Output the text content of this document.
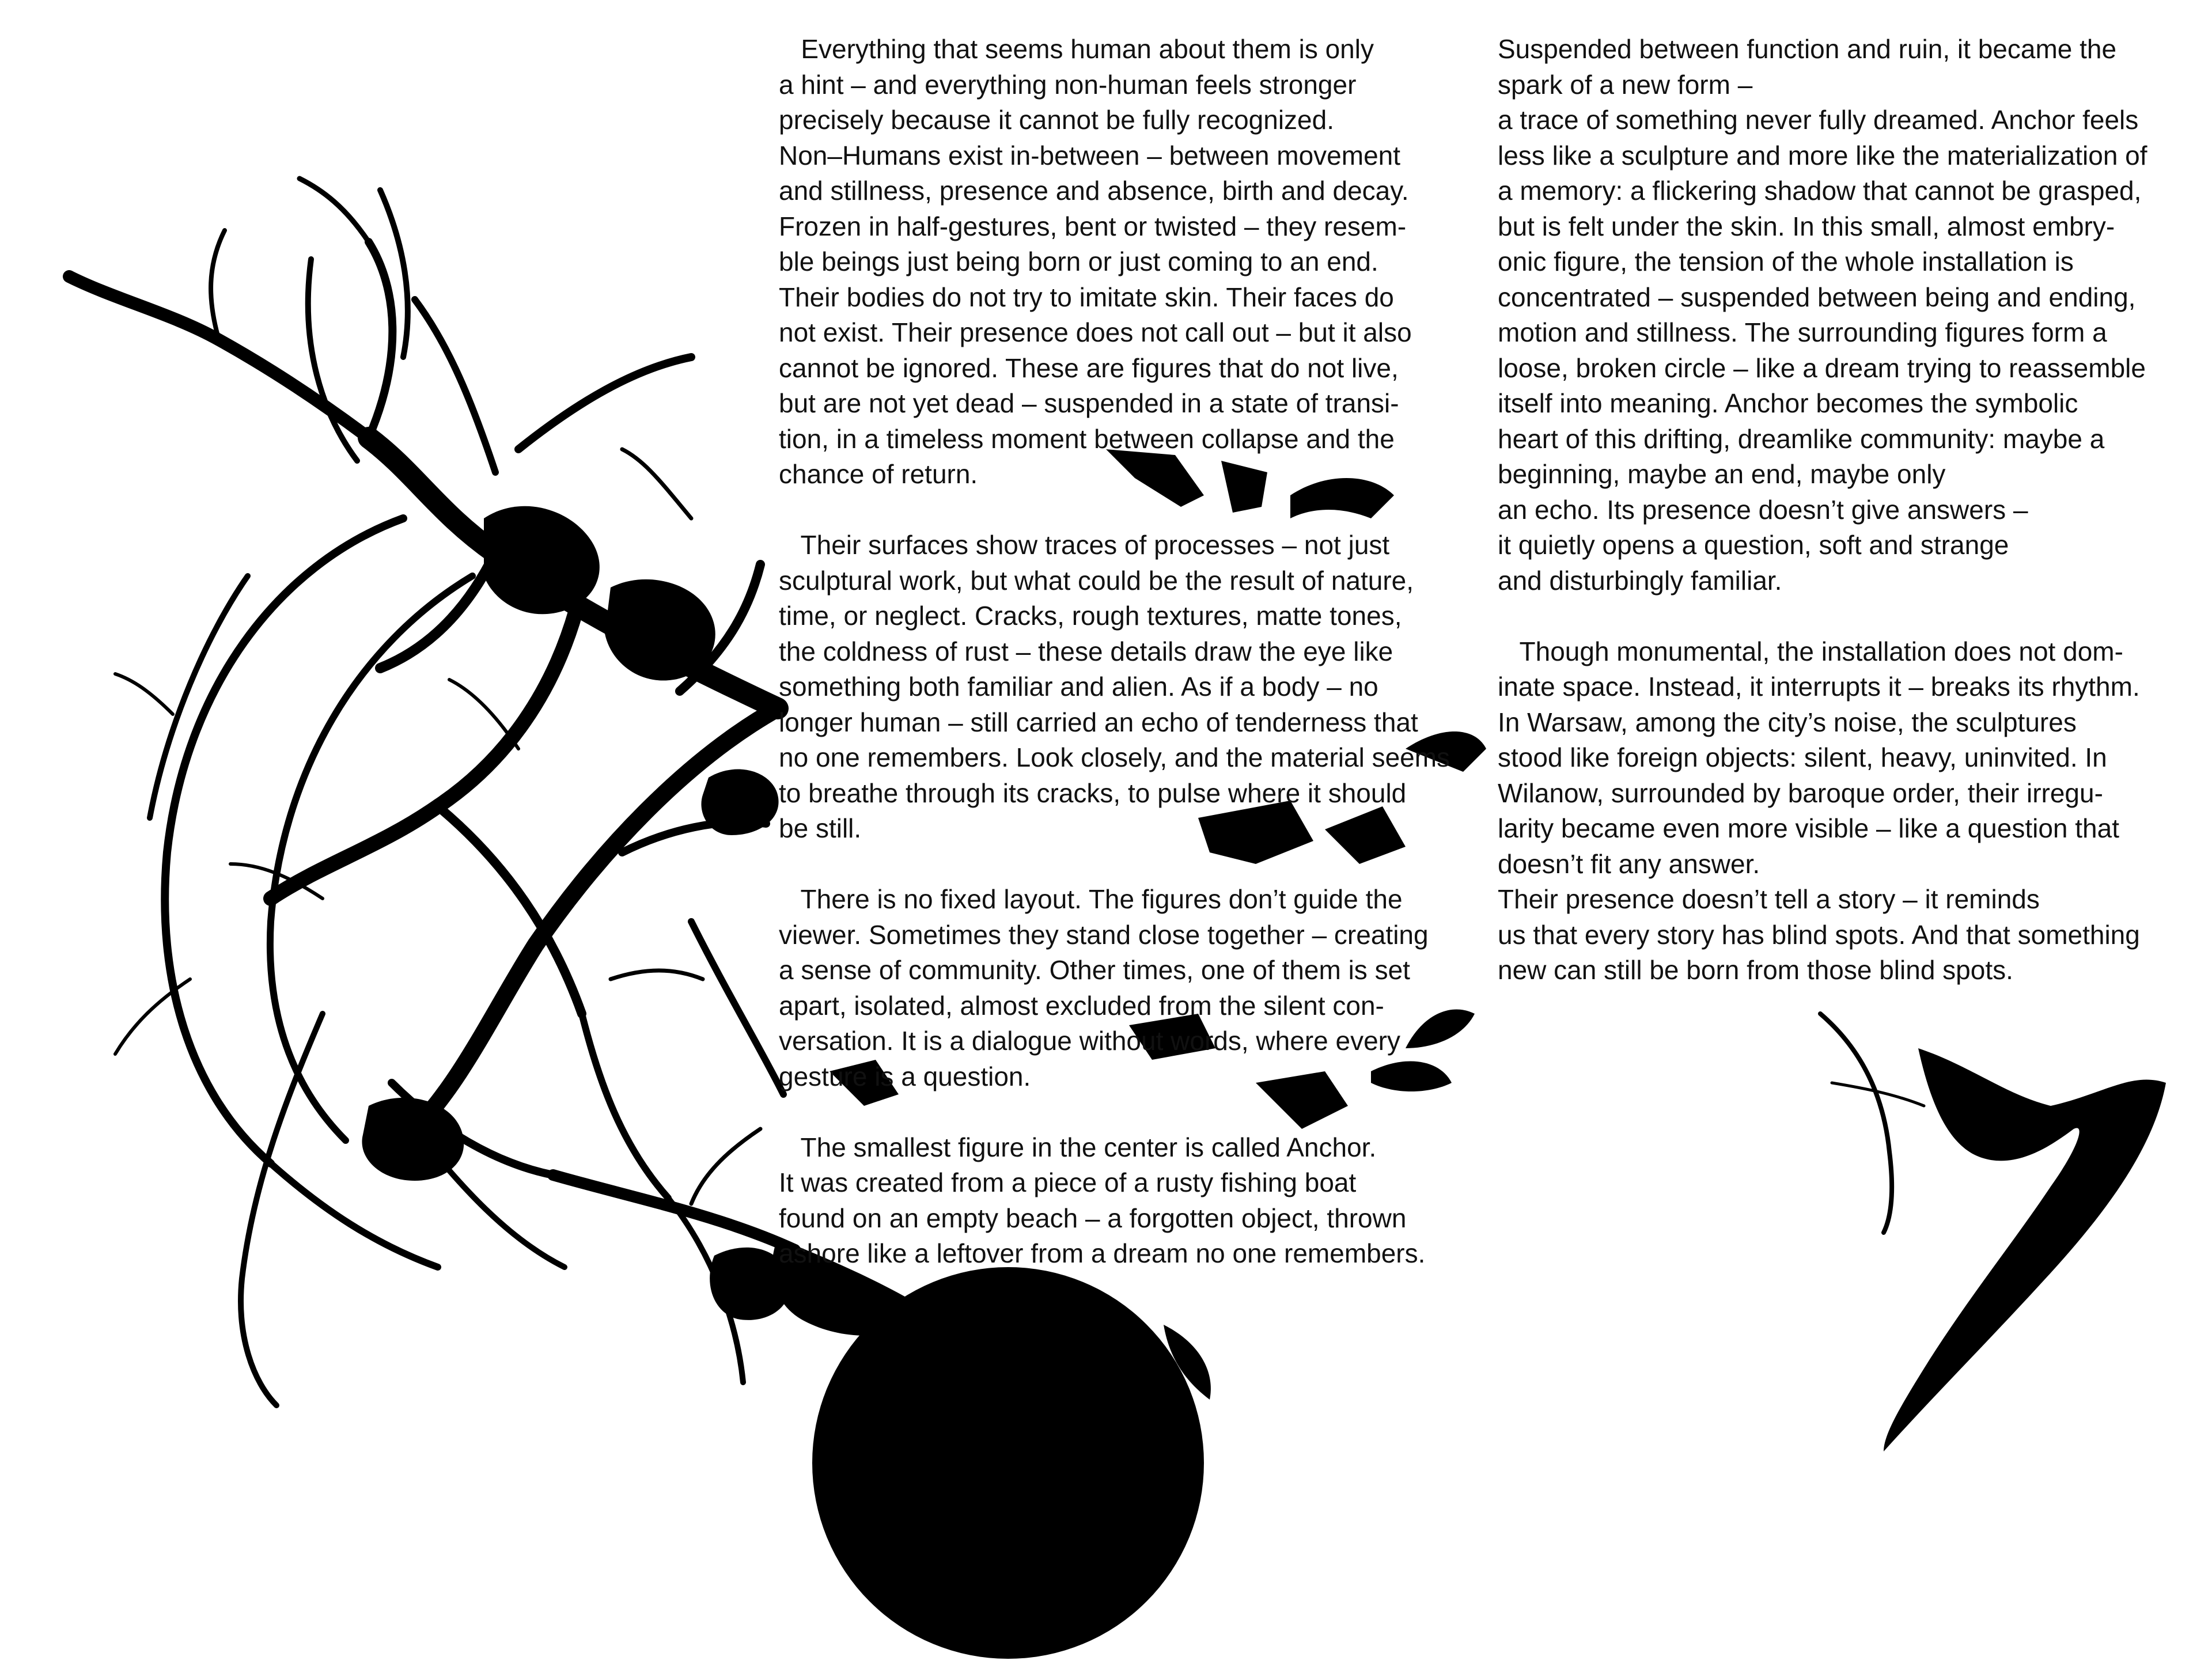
Everything that seems human about them is only
a hint – and everything non-human feels stronger
precisely because it cannot be fully recognized.
Non–Humans exist in-between – between movement
and stillness, presence and absence, birth and decay.
Frozen in half-gestures, bent or twisted – they resem-
ble beings just being born or just coming to an end.
Their bodies do not try to imitate skin. Their faces do
not exist. Their presence does not call out – but it also
cannot be ignored. These are figures that do not live,
but are not yet dead – suspended in a state of transi-
tion, in a timeless moment between collapse and the
chance of return.

Their surfaces show traces of processes – not just
sculptural work, but what could be the result of nature,
time, or neglect. Cracks, rough textures, matte tones,
the coldness of rust – these details draw the eye like
something both familiar and alien. As if a body – no
longer human – still carried an echo of tenderness that
no one remembers. Look closely, and the material seems
to breathe through its cracks, to pulse where it should
be still.

There is no fixed layout. The figures don’t guide the
viewer. Sometimes they stand close together – creating
a sense of community. Other times, one of them is set
apart, isolated, almost excluded from the silent con-
versation. It is a dialogue without words, where every
gesture is a question.

The smallest figure in the center is called Anchor.
It was created from a piece of a rusty fishing boat
found on an empty beach – a forgotten object, thrown
ashore like a leftover from a dream no one remembers.

Suspended between function and ruin, it became the
spark of a new form –
a trace of something never fully dreamed. Anchor feels
less like a sculpture and more like the materialization of
a memory: a flickering shadow that cannot be grasped,
but is felt under the skin. In this small, almost embry-
onic figure, the tension of the whole installation is
concentrated – suspended between being and ending,
motion and stillness. The surrounding figures form a
loose, broken circle – like a dream trying to reassemble
itself into meaning. Anchor becomes the symbolic
heart of this drifting, dreamlike community: maybe a
beginning, maybe an end, maybe only
an echo. Its presence doesn’t give answers –
it quietly opens a question, soft and strange
and disturbingly familiar.

Though monumental, the installation does not dom-
inate space. Instead, it interrupts it – breaks its rhythm.
In Warsaw, among the city’s noise, the sculptures
stood like foreign objects: silent, heavy, uninvited. In
Wilanow, surrounded by baroque order, their irregu-
larity became even more visible – like a question that
doesn’t fit any answer.
Their presence doesn’t tell a story – it reminds
us that every story has blind spots. And that something
new can still be born from those blind spots.
